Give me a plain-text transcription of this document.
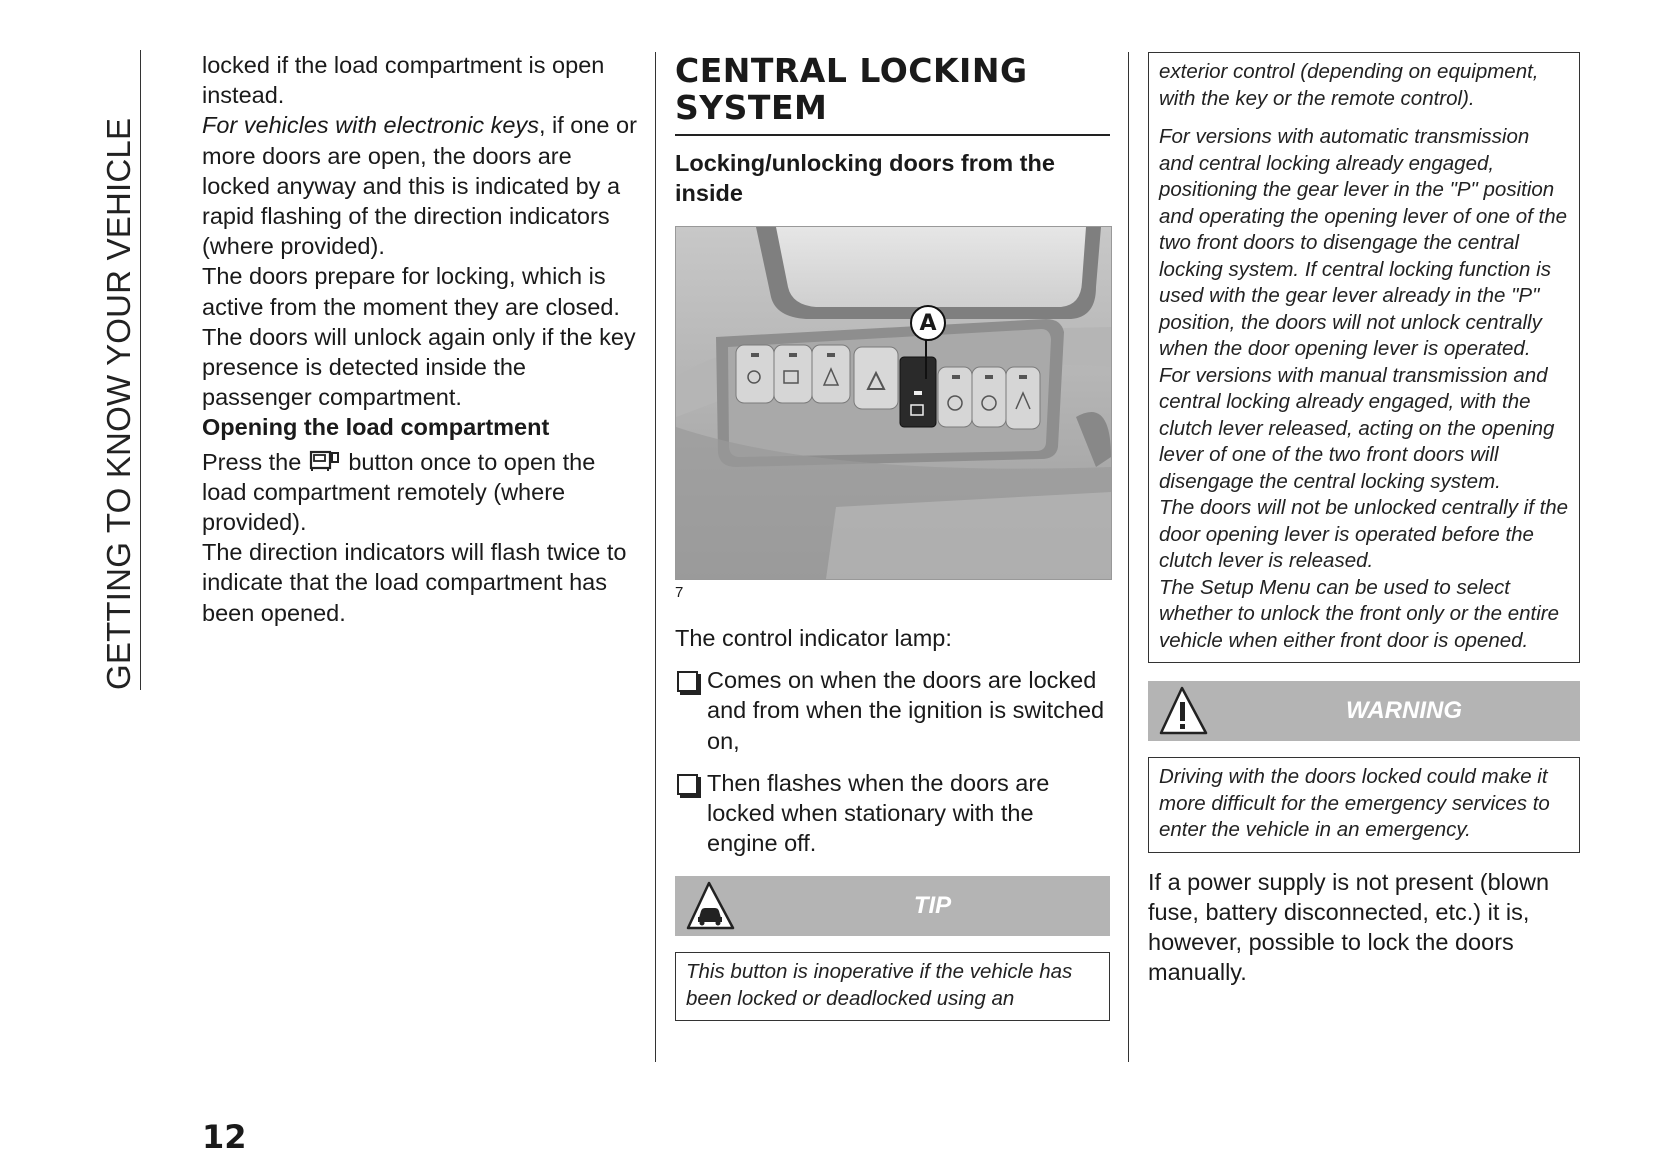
GETTING TO KNOW YOUR VEHICLE

locked if the load compartment is open instead.

For vehicles with electronic keys, if one or more doors are open, the doors are locked anyway and this is indicated by a rapid flashing of the direction indicators (where provided).

The doors prepare for locking, which is active from the moment they are closed. The doors will unlock again only if the key presence is detected inside the passenger compartment.

Opening the load compartment

Press the  button once to open the load compartment remotely (where provided).

The direction indicators will flash twice to indicate that the load compartment has been opened.

CENTRAL LOCKING SYSTEM
Locking/unlocking doors from the inside
A
7

The control indicator lamp:

Comes on when the doors are locked and from when the ignition is switched on,
Then flashes when the doors are locked when stationary with the engine off.
TIP

This button is inoperative if the vehicle has been locked or deadlocked using an

exterior control (depending on equipment, with the key or the remote control).

For versions with automatic transmission and central locking already engaged, positioning the gear lever in the "P" position and operating the opening lever of one of the two front doors to disengage the central locking system. If central locking function is used with the gear lever already in the "P" position, the doors will not unlock centrally when the door opening lever is operated.

For versions with manual transmission and central locking already engaged, with the clutch lever released, acting on the opening lever of one of the two front doors will disengage the central locking system.

The doors will not be unlocked centrally if the door opening lever is operated before the clutch lever is released.

The Setup Menu can be used to select whether to unlock the front only or the entire vehicle when either front door is opened.

WARNING

Driving with the doors locked could make it more difficult for the emergency services to enter the vehicle in an emergency.

If a power supply is not present (blown fuse, battery disconnected, etc.) it is, however, possible to lock the doors manually.

12
